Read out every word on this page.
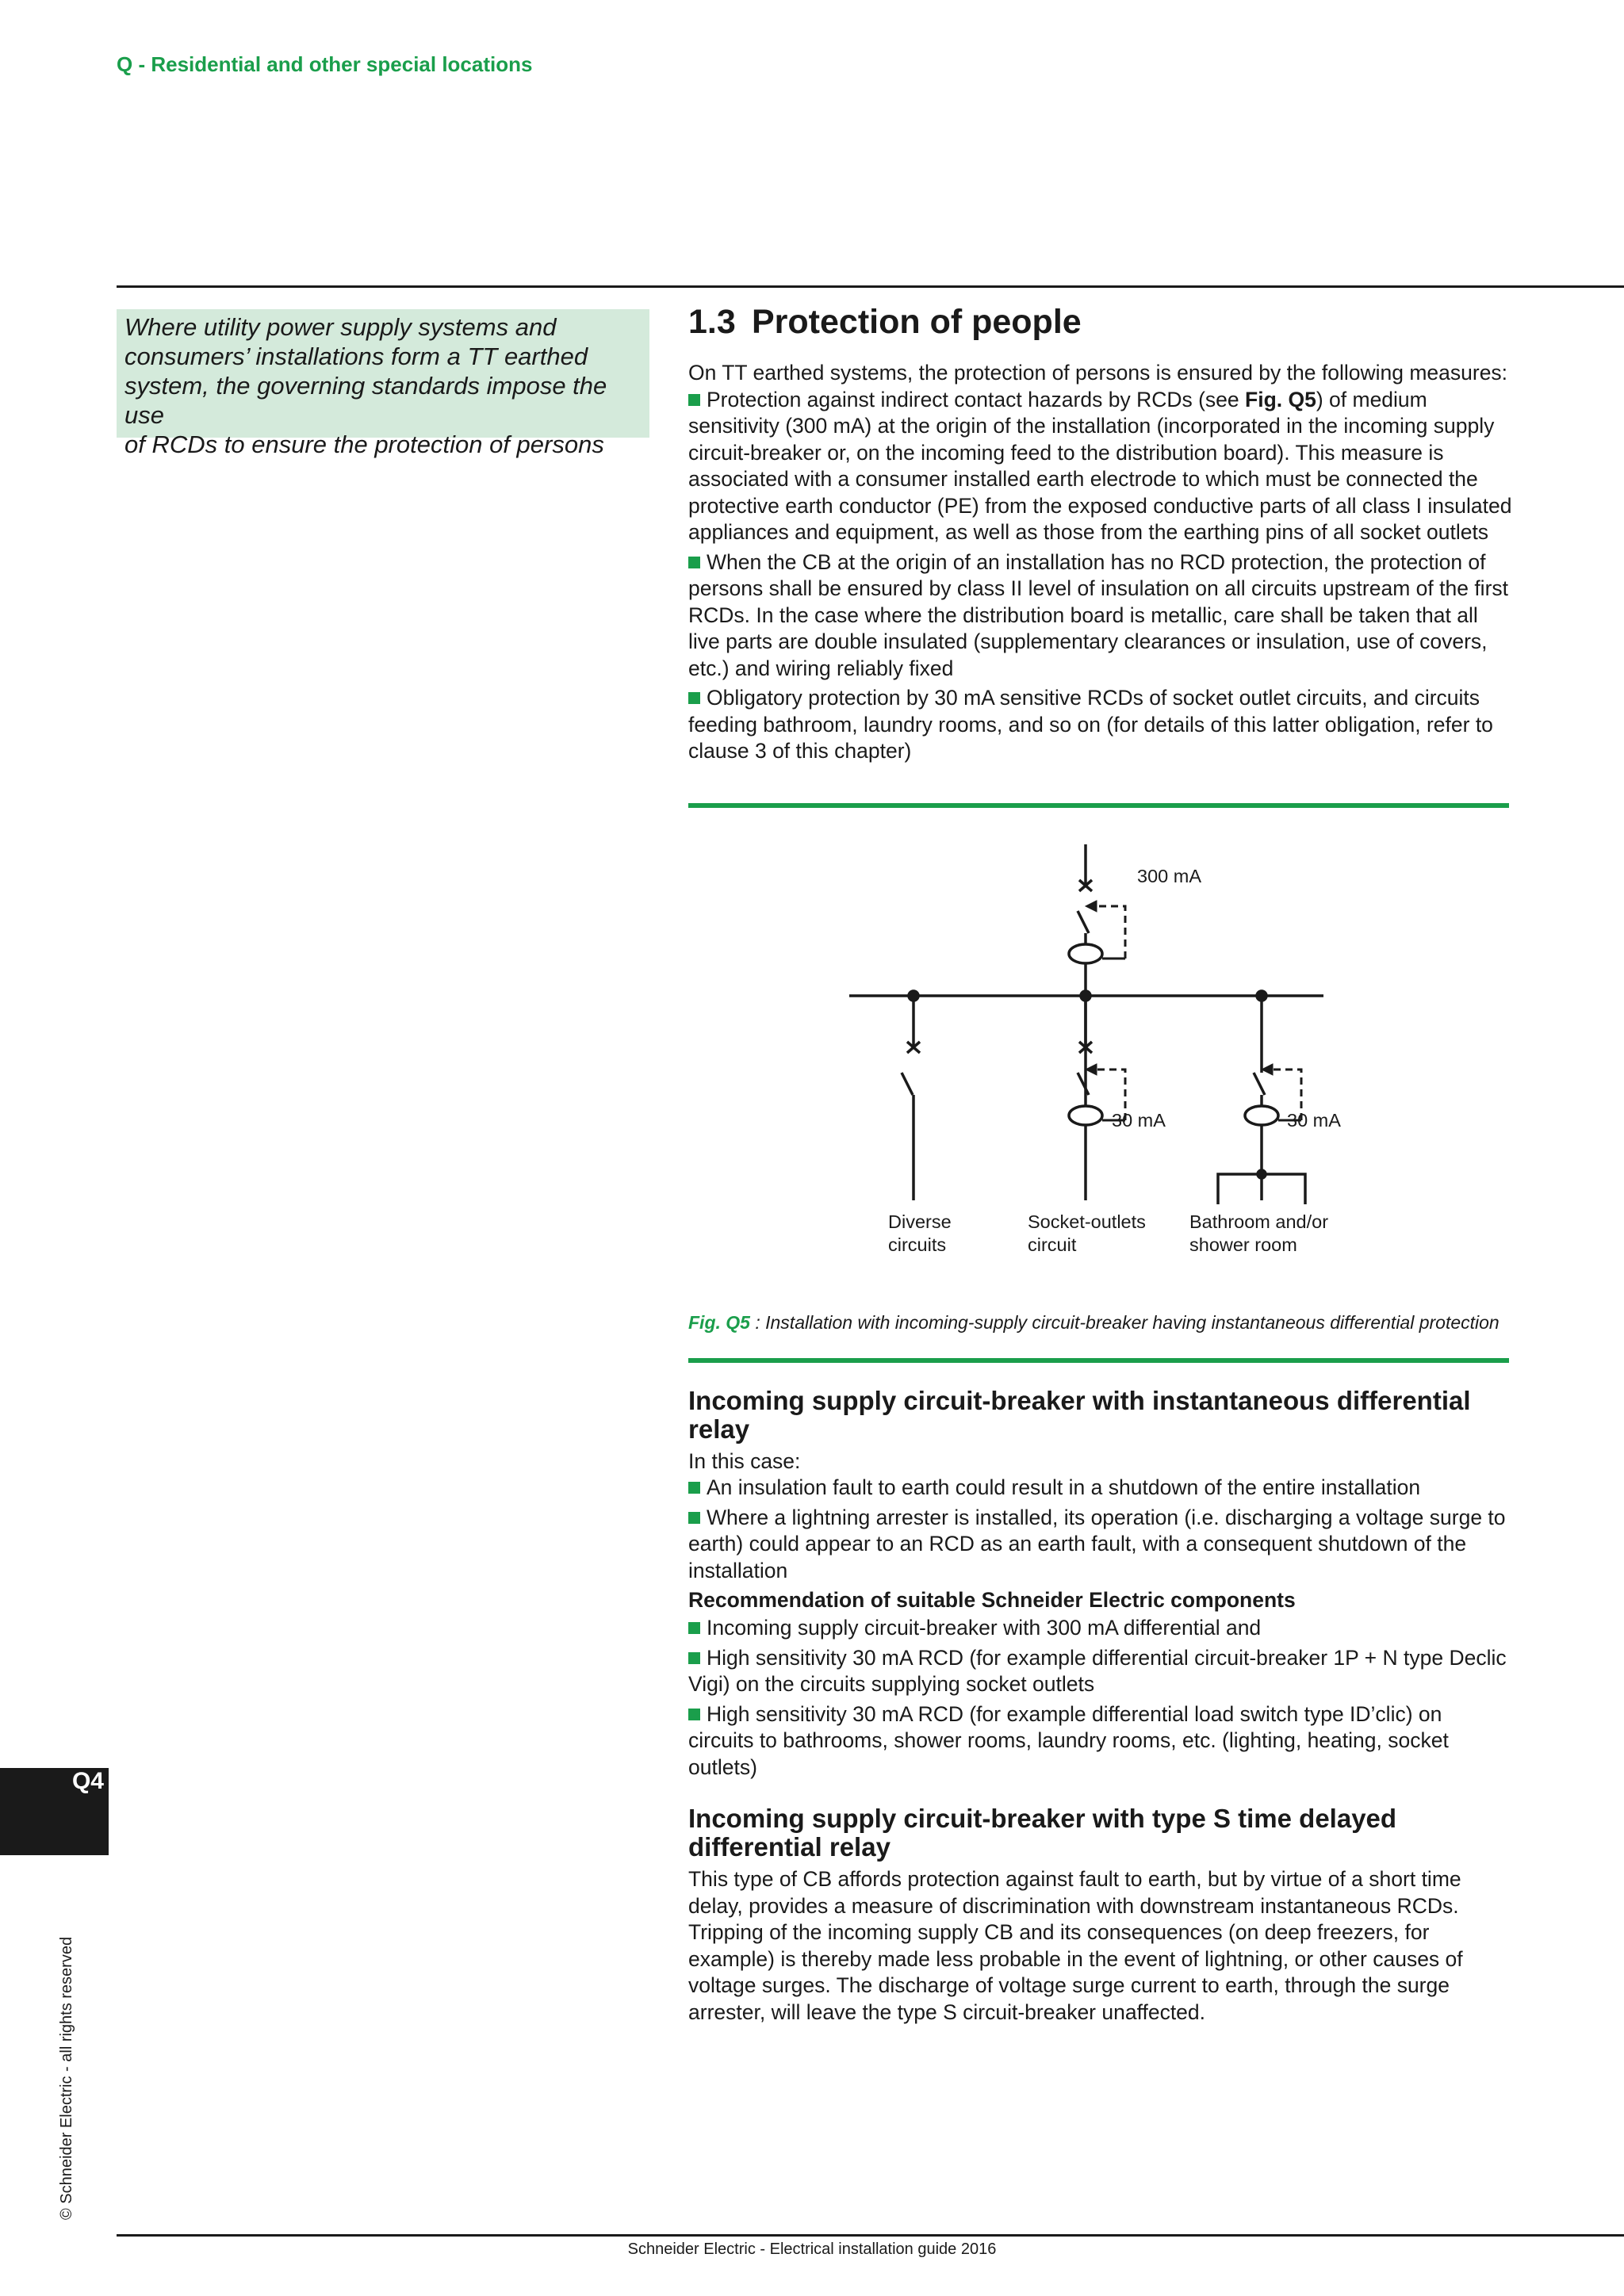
Q - Residential and other special locations
Where utility power supply systems and
consumers’ installations form a TT earthed
system, the governing standards impose the use
of RCDs to ensure the protection of persons
1.3 Protection of people

On TT earthed systems, the protection of persons is ensured by the following measures:

Protection against indirect contact hazards by RCDs (see Fig. Q5) of medium sensitivity (300 mA) at the origin of the installation (incorporated in the incoming supply circuit-breaker or, on the incoming feed to the distribution board). This measure is associated with a consumer installed earth electrode to which must be connected the protective earth conductor (PE) from the exposed conductive parts of all class I insulated appliances and equipment, as well as those from the earthing pins of all socket outlets

When the CB at the origin of an installation has no RCD protection, the protection of persons shall be ensured by class II level of insulation on all circuits upstream of the first RCDs. In the case where the distribution board is metallic, care shall be taken that all live parts are double insulated (supplementary clearances or insulation, use of covers, etc.) and wiring reliably fixed

Obligatory protection by 30 mA sensitive RCDs of socket outlet circuits, and circuits feeding bathroom, laundry rooms, and so on (for details of this latter obligation, refer to clause 3 of this chapter)

300 mA
30 mA	30 mA
Diverse
circuits
Socket-outlets
circuit
Bathroom and/or
shower room
Fig. Q5 : Installation with incoming-supply circuit-breaker having instantaneous differential protection
Incoming supply circuit-breaker with instantaneous differential relay

In this case:

An insulation fault to earth could result in a shutdown of the entire installation

Where a lightning arrester is installed, its operation (i.e. discharging a voltage surge to earth) could appear to an RCD as an earth fault, with a consequent shutdown of the installation

Recommendation of suitable Schneider Electric components

Incoming supply circuit-breaker with 300 mA differential and

High sensitivity 30 mA RCD (for example differential circuit-breaker 1P + N type Declic Vigi) on the circuits supplying socket outlets

High sensitivity 30 mA RCD (for example differential load switch type ID’clic) on circuits to bathrooms, shower rooms, laundry rooms, etc. (lighting, heating, socket outlets)

Incoming supply circuit-breaker with type S time delayed differential relay

This type of CB affords protection against fault to earth, but by virtue of a short time delay, provides a measure of discrimination with downstream instantaneous RCDs. Tripping of the incoming supply CB and its consequences (on deep freezers, for example) is thereby made less probable in the event of lightning, or other causes of voltage surges. The discharge of voltage surge current to earth, through the surge arrester, will leave the type S circuit-breaker unaffected.

Q4
© Schneider Electric - all rights reserved
Schneider Electric - Electrical installation guide 2016
